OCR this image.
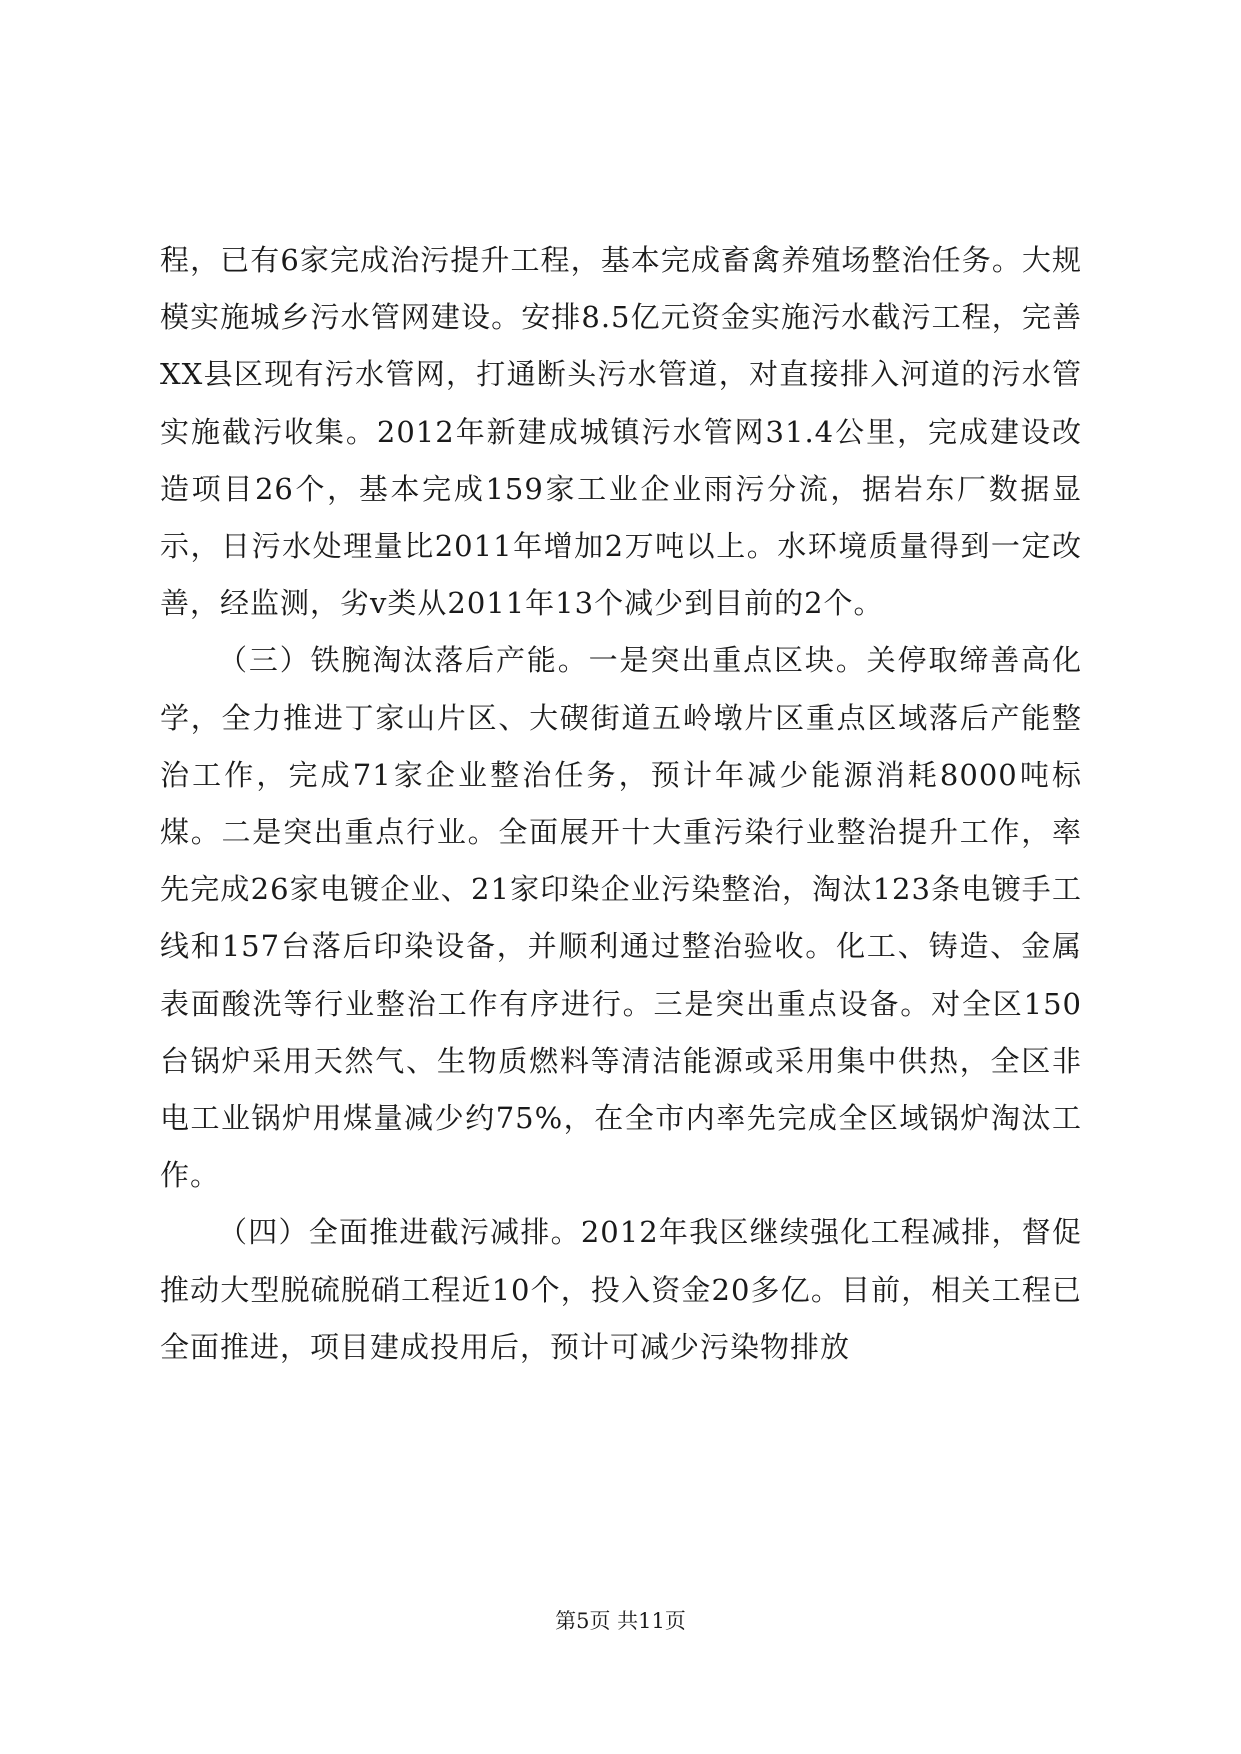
程，已有6家完成治污提升工程，基本完成畜禽养殖场整治任务。大规模实施城乡污水管网建设。安排8.5亿元资金实施污水截污工程，完善XX县区现有污水管网，打通断头污水管道，对直接排入河道的污水管实施截污收集。2012年新建成城镇污水管网31.4公里，完成建设改造项目26个，基本完成159家工业企业雨污分流，据岩东厂数据显示，日污水处理量比2011年增加2万吨以上。水环境质量得到一定改善，经监测，劣v类从2011年13个减少到目前的2个。

（三）铁腕淘汰落后产能。一是突出重点区块。关停取缔善高化学，全力推进丁家山片区、大碶街道五岭墩片区重点区域落后产能整治工作，完成71家企业整治任务，预计年减少能源消耗8000吨标煤。二是突出重点行业。全面展开十大重污染行业整治提升工作，率先完成26家电镀企业、21家印染企业污染整治，淘汰123条电镀手工线和157台落后印染设备，并顺利通过整治验收。化工、铸造、金属表面酸洗等行业整治工作有序进行。三是突出重点设备。对全区150台锅炉采用天然气、生物质燃料等清洁能源或采用集中供热，全区非电工业锅炉用煤量减少约75%，在全市内率先完成全区域锅炉淘汰工作。

（四）全面推进截污减排。2012年我区继续强化工程减排，督促推动大型脱硫脱硝工程近10个，投入资金20多亿。目前，相关工程已全面推进，项目建成投用后，预计可减少污染物排放

第5页 共11页
